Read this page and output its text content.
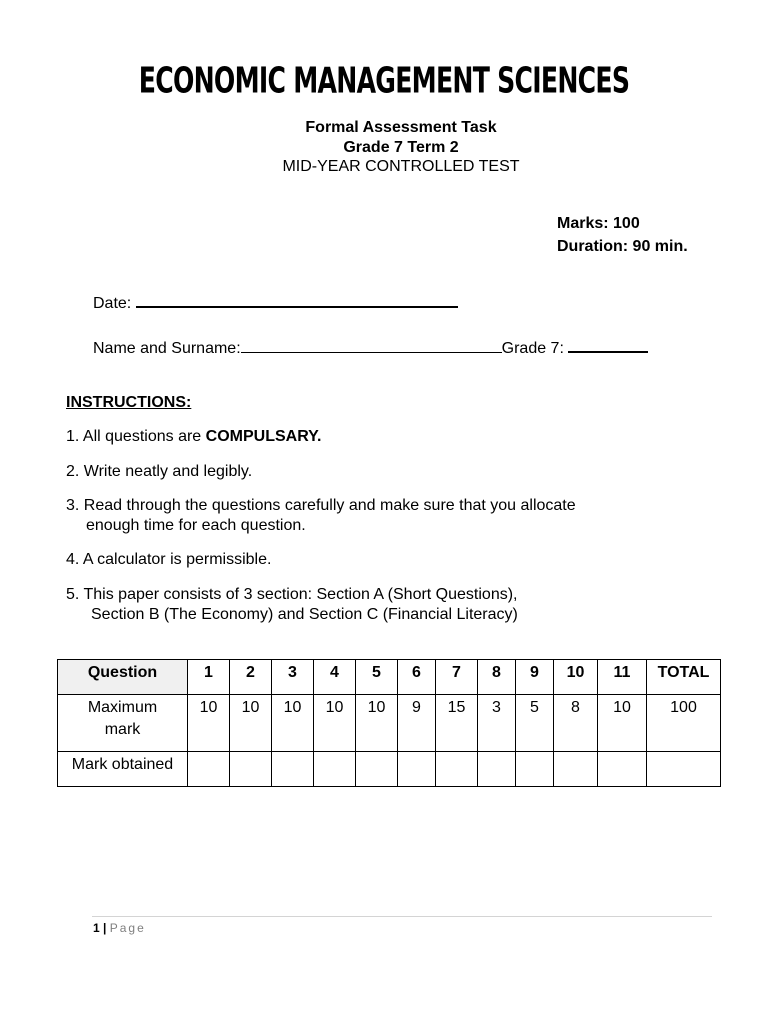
ECONOMIC MANAGEMENT SCIENCES
Formal Assessment Task
Grade 7 Term 2
MID-YEAR CONTROLLED TEST
Marks: 100
Duration: 90 min.
Date:
Name and Surname:	Grade 7:
INSTRUCTIONS:
1. All questions are COMPULSARY.
2. Write neatly and legibly.
3. Read through the questions carefully and make sure that you allocate
enough time for each question.
4. A calculator is permissible.
5. This paper consists of 3 section: Section A (Short Questions),
Section B (The Economy) and Section C (Financial Literacy)
Question	1	2	3	4	5	6	7	8	9	10	11	TOTAL

Maximum
mark	10	10	10	10	10	9	15	3	5	8	10	100
Mark obtained												
1 | Page
